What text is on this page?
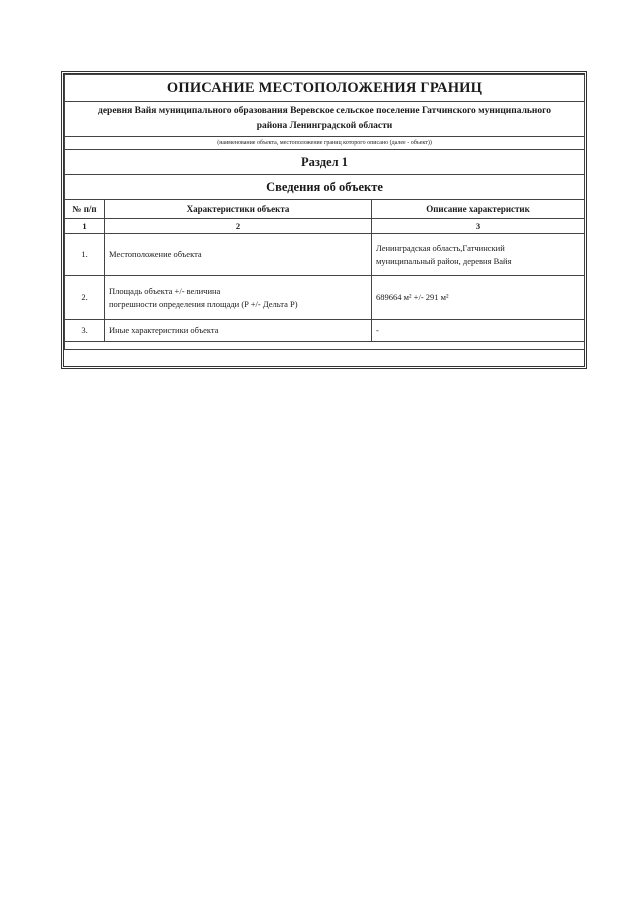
ОПИСАНИЕ МЕСТОПОЛОЖЕНИЯ ГРАНИЦ		
деревня Вайя муниципального образования Веревское сельское поселение Гатчинского муниципального
района Ленинградской области		
(наименование объекта, местоположение границ которого описано (далее - объект))		
Раздел 1		
Сведения об объекте		
№ п/п	Характеристики объекта	Описание характеристик
1	2	3
1.	Местоположение объекта	Ленинградская область,Гатчинский
муниципальный район, деревня Вайя
2.	Площадь объекта +/- величина
погрешности определения площади (P +/- Дельта P)	689664 м² +/- 291 м²
3.	Иные характеристики объекта	-
